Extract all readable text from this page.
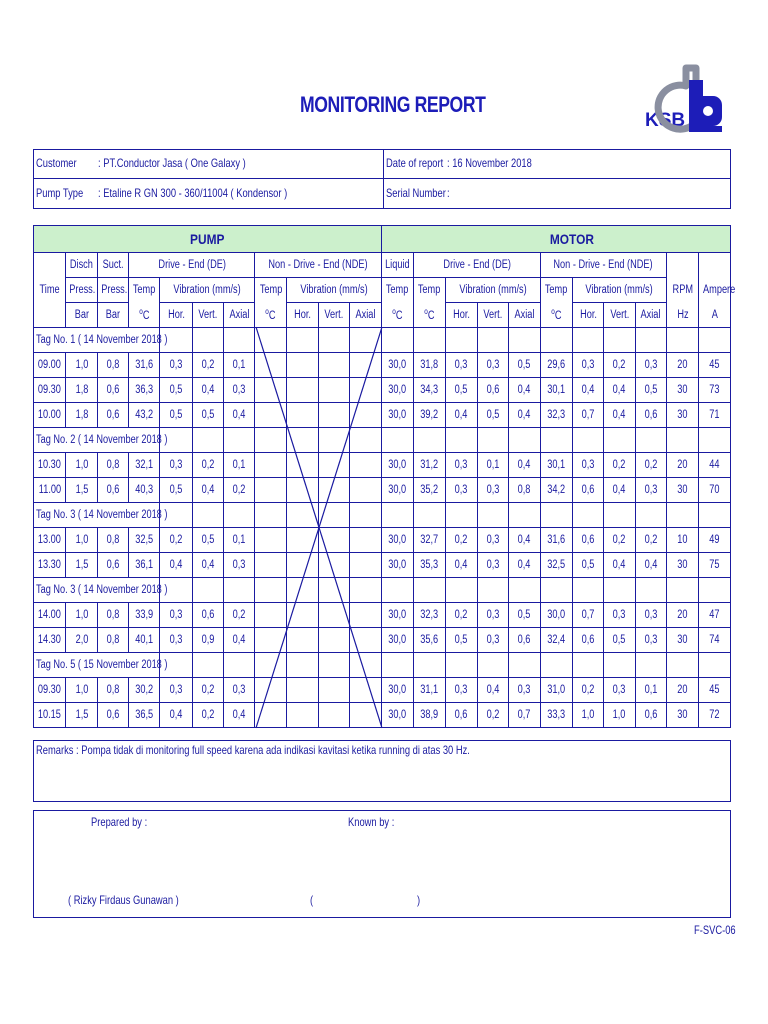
MONITORING REPORT
KSB
Customer	: PT.Conductor Jasa ( One Galaxy )
Pump Type	: Etaline R GN 300 - 360/11004 ( Kondensor )
Date of report : 16 November 2018
Serial Number :
PUMP												MOTOR									
Time	Disch	Suct.	Drive - End (DE)				Non - Drive - End (NDE)				Liquid	Drive - End (DE)				Non - Drive - End (NDE)				RPM	Ampere
	Press.	Press.	Temp	Vibration (mm/s)			Temp	Vibration (mm/s)			Temp	Temp	Vibration (mm/s)			Temp	Vibration (mm/s)				
	Bar	Bar	$^o$C	Hor.	Vert.	Axial	$^o$C	Hor.	Vert.	Axial	$^o$C	$^o$C	Hor.	Vert.	Axial	$^o$C	Hor.	Vert.	Axial	Hz	A
Tag No. 1 ( 14 November 2018 )																					
09.00	1,0	0,8	31,6	0,3	0,2	0,1					30,0	31,8	0,3	0,3	0,5	29,6	0,3	0,2	0,3	20	45
09.30	1,8	0,6	36,3	0,5	0,4	0,3					30,0	34,3	0,5	0,6	0,4	30,1	0,4	0,4	0,5	30	73
10.00	1,8	0,6	43,2	0,5	0,5	0,4					30,0	39,2	0,4	0,5	0,4	32,3	0,7	0,4	0,6	30	71
Tag No. 2 ( 14 November 2018 )																					
10.30	1,0	0,8	32,1	0,3	0,2	0,1					30,0	31,2	0,3	0,1	0,4	30,1	0,3	0,2	0,2	20	44
11.00	1,5	0,6	40,3	0,5	0,4	0,2					30,0	35,2	0,3	0,3	0,8	34,2	0,6	0,4	0,3	30	70
Tag No. 3 ( 14 November 2018 )																					
13.00	1,0	0,8	32,5	0,2	0,5	0,1					30,0	32,7	0,2	0,3	0,4	31,6	0,6	0,2	0,2	10	49
13.30	1,5	0,6	36,1	0,4	0,4	0,3					30,0	35,3	0,4	0,3	0,4	32,5	0,5	0,4	0,4	30	75
Tag No. 3 ( 14 November 2018 )																					
14.00	1,0	0,8	33,9	0,3	0,6	0,2					30,0	32,3	0,2	0,3	0,5	30,0	0,7	0,3	0,3	20	47
14.30	2,0	0,8	40,1	0,3	0,9	0,4					30,0	35,6	0,5	0,3	0,6	32,4	0,6	0,5	0,3	30	74
Tag No. 5 ( 15 November 2018 )																					
09.30	1,0	0,8	30,2	0,3	0,2	0,3					30,0	31,1	0,3	0,4	0,3	31,0	0,2	0,3	0,1	20	45
10.15	1,5	0,6	36,5	0,4	0,2	0,4					30,0	38,9	0,6	0,2	0,7	33,3	1,0	1,0	0,6	30	72
Remarks : Pompa tidak di monitoring full speed karena ada indikasi kavitasi ketika running di atas 30 Hz.
Prepared by :	Known by :
( Rizky Firdaus Gunawan )	(	)
F-SVC-06
